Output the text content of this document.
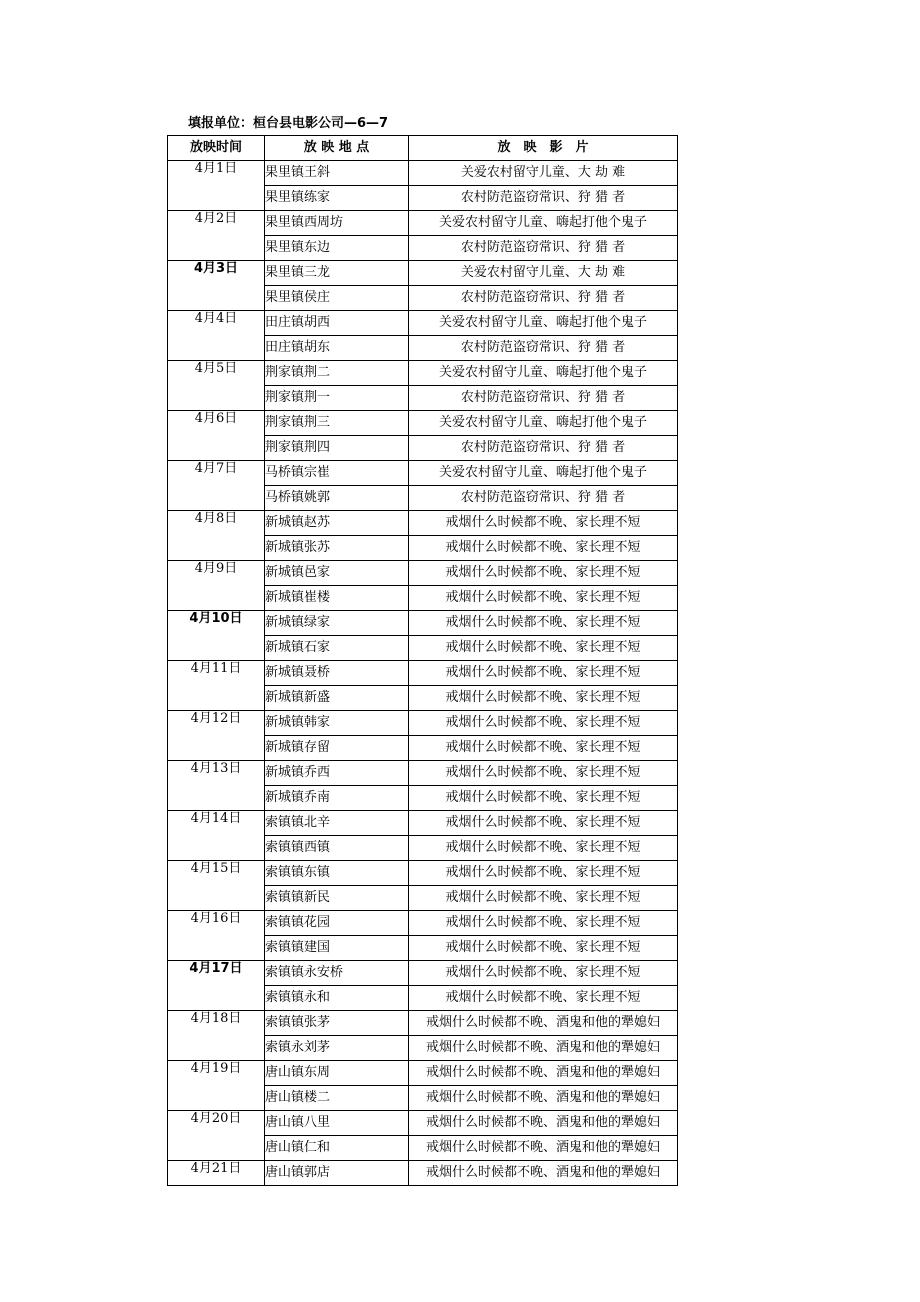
填报单位：桓台县电影公司—6—7
放映时间	放 映 地 点	放　映　影　片
4月1日	果里镇王斜	关爱农村留守儿童、大 劫 难
	果里镇练家	农村防范盗窃常识、狩 猎 者
4月2日	果里镇西周坊	关爱农村留守儿童、嗨起打他个鬼子
	果里镇东边	农村防范盗窃常识、狩 猎 者
4月3日	果里镇三龙	关爱农村留守儿童、大 劫 难
	果里镇侯庄	农村防范盗窃常识、狩 猎 者
4月4日	田庄镇胡西	关爱农村留守儿童、嗨起打他个鬼子
	田庄镇胡东	农村防范盗窃常识、狩 猎 者
4月5日	荆家镇荆二	关爱农村留守儿童、嗨起打他个鬼子
	荆家镇荆一	农村防范盗窃常识、狩 猎 者
4月6日	荆家镇荆三	关爱农村留守儿童、嗨起打他个鬼子
	荆家镇荆四	农村防范盗窃常识、狩 猎 者
4月7日	马桥镇宗崔	关爱农村留守儿童、嗨起打他个鬼子
	马桥镇姚郭	农村防范盗窃常识、狩 猎 者
4月8日	新城镇赵苏	戒烟什么时候都不晚、家长理不短
	新城镇张苏	戒烟什么时候都不晚、家长理不短
4月9日	新城镇邑家	戒烟什么时候都不晚、家长理不短
	新城镇崔楼	戒烟什么时候都不晚、家长理不短
4月10日	新城镇绿家	戒烟什么时候都不晚、家长理不短
	新城镇石家	戒烟什么时候都不晚、家长理不短
4月11日	新城镇聂桥	戒烟什么时候都不晚、家长理不短
	新城镇新盛	戒烟什么时候都不晚、家长理不短
4月12日	新城镇韩家	戒烟什么时候都不晚、家长理不短
	新城镇存留	戒烟什么时候都不晚、家长理不短
4月13日	新城镇乔西	戒烟什么时候都不晚、家长理不短
	新城镇乔南	戒烟什么时候都不晚、家长理不短
4月14日	索镇镇北辛	戒烟什么时候都不晚、家长理不短
	索镇镇西镇	戒烟什么时候都不晚、家长理不短
4月15日	索镇镇东镇	戒烟什么时候都不晚、家长理不短
	索镇镇新民	戒烟什么时候都不晚、家长理不短
4月16日	索镇镇花园	戒烟什么时候都不晚、家长理不短
	索镇镇建国	戒烟什么时候都不晚、家长理不短
4月17日	索镇镇永安桥	戒烟什么时候都不晚、家长理不短
	索镇镇永和	戒烟什么时候都不晚、家长理不短
4月18日	索镇镇张茅	戒烟什么时候都不晚、酒鬼和他的犟媳妇
	索镇永刘茅	戒烟什么时候都不晚、酒鬼和他的犟媳妇
4月19日	唐山镇东周	戒烟什么时候都不晚、酒鬼和他的犟媳妇
	唐山镇楼二	戒烟什么时候都不晚、酒鬼和他的犟媳妇
4月20日	唐山镇八里	戒烟什么时候都不晚、酒鬼和他的犟媳妇
	唐山镇仁和	戒烟什么时候都不晚、酒鬼和他的犟媳妇
4月21日	唐山镇郭店	戒烟什么时候都不晚、酒鬼和他的犟媳妇
